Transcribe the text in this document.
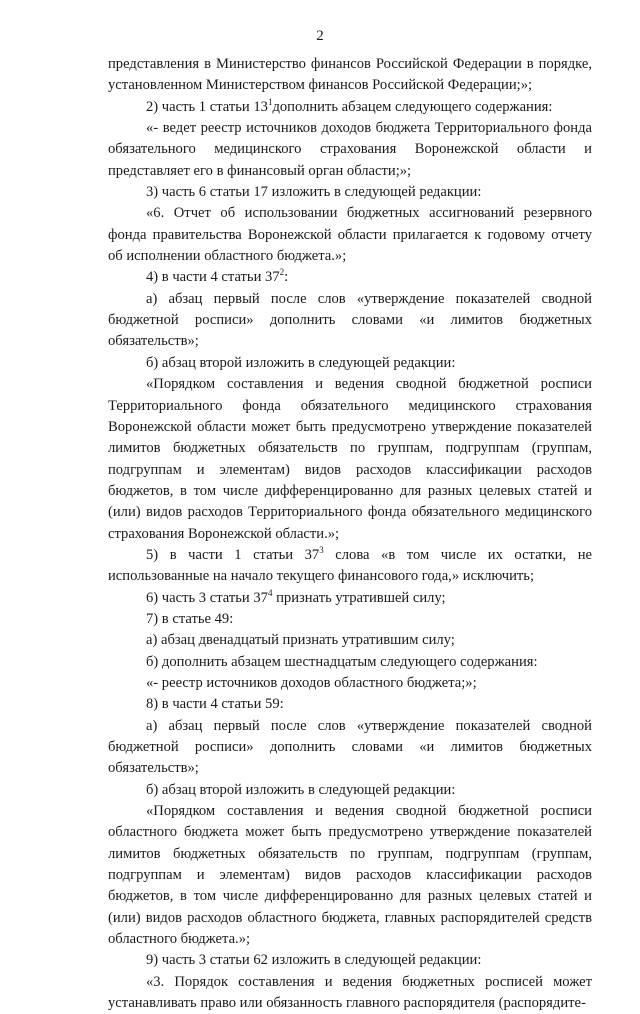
2

представления в Министерство финансов Российской Федерации в порядке, установленном Министерством финансов Российской Федерации;»;

2) часть 1 статьи $13^1дополнить$ абзацем следующего содержания:

«- ведет реестр источников доходов бюджета Территориального фонда обязательного медицинского страхования Воронежской области и представляет его в финансовый орган области;»;

3) часть 6 статьи 17 изложить в следующей редакции:

«6. Отчет об использовании бюджетных ассигнований резервного фонда правительства Воронежской области прилагается к годовому отчету об исполнении областного бюджета.»;

4) в части 4 статьи $37^2$:

а) абзац первый после слов «утверждение показателей сводной бюджетной росписи» дополнить словами «и лимитов бюджетных обязательств»;

б) абзац второй изложить в следующей редакции:

«Порядком составления и ведения сводной бюджетной росписи Территориального фонда обязательного медицинского страхования Воронежской области может быть предусмотрено утверждение показателей лимитов бюджетных обязательств по группам, подгруппам (группам, подгруппам и элементам) видов расходов классификации расходов бюджетов, в том числе дифференцированно для разных целевых статей и (или) видов расходов Территориального фонда обязательного медицинского страхования Воронежской области.»;

5) в части 1 статьи $37^3$ слова «в том числе их остатки, не использованные на начало текущего финансового года,» исключить;

6) часть 3 статьи $37^4$ признать утратившей силу;

7) в статье 49:

а) абзац двенадцатый признать утратившим силу;

б) дополнить абзацем шестнадцатым следующего содержания:

«- реестр источников доходов областного бюджета;»;

8) в части 4 статьи 59:

а) абзац первый после слов «утверждение показателей сводной бюджетной росписи» дополнить словами «и лимитов бюджетных обязательств»;

б) абзац второй изложить в следующей редакции:

«Порядком составления и ведения сводной бюджетной росписи областного бюджета может быть предусмотрено утверждение показателей лимитов бюджетных обязательств по группам, подгруппам (группам, подгруппам и элементам) видов расходов классификации расходов бюджетов, в том числе дифференцированно для разных целевых статей и (или) видов расходов областного бюджета, главных распорядителей средств областного бюджета.»;

9) часть 3 статьи 62 изложить в следующей редакции:

«3. Порядок составления и ведения бюджетных росписей может устанавливать право или обязанность главного распорядителя (распорядите-
